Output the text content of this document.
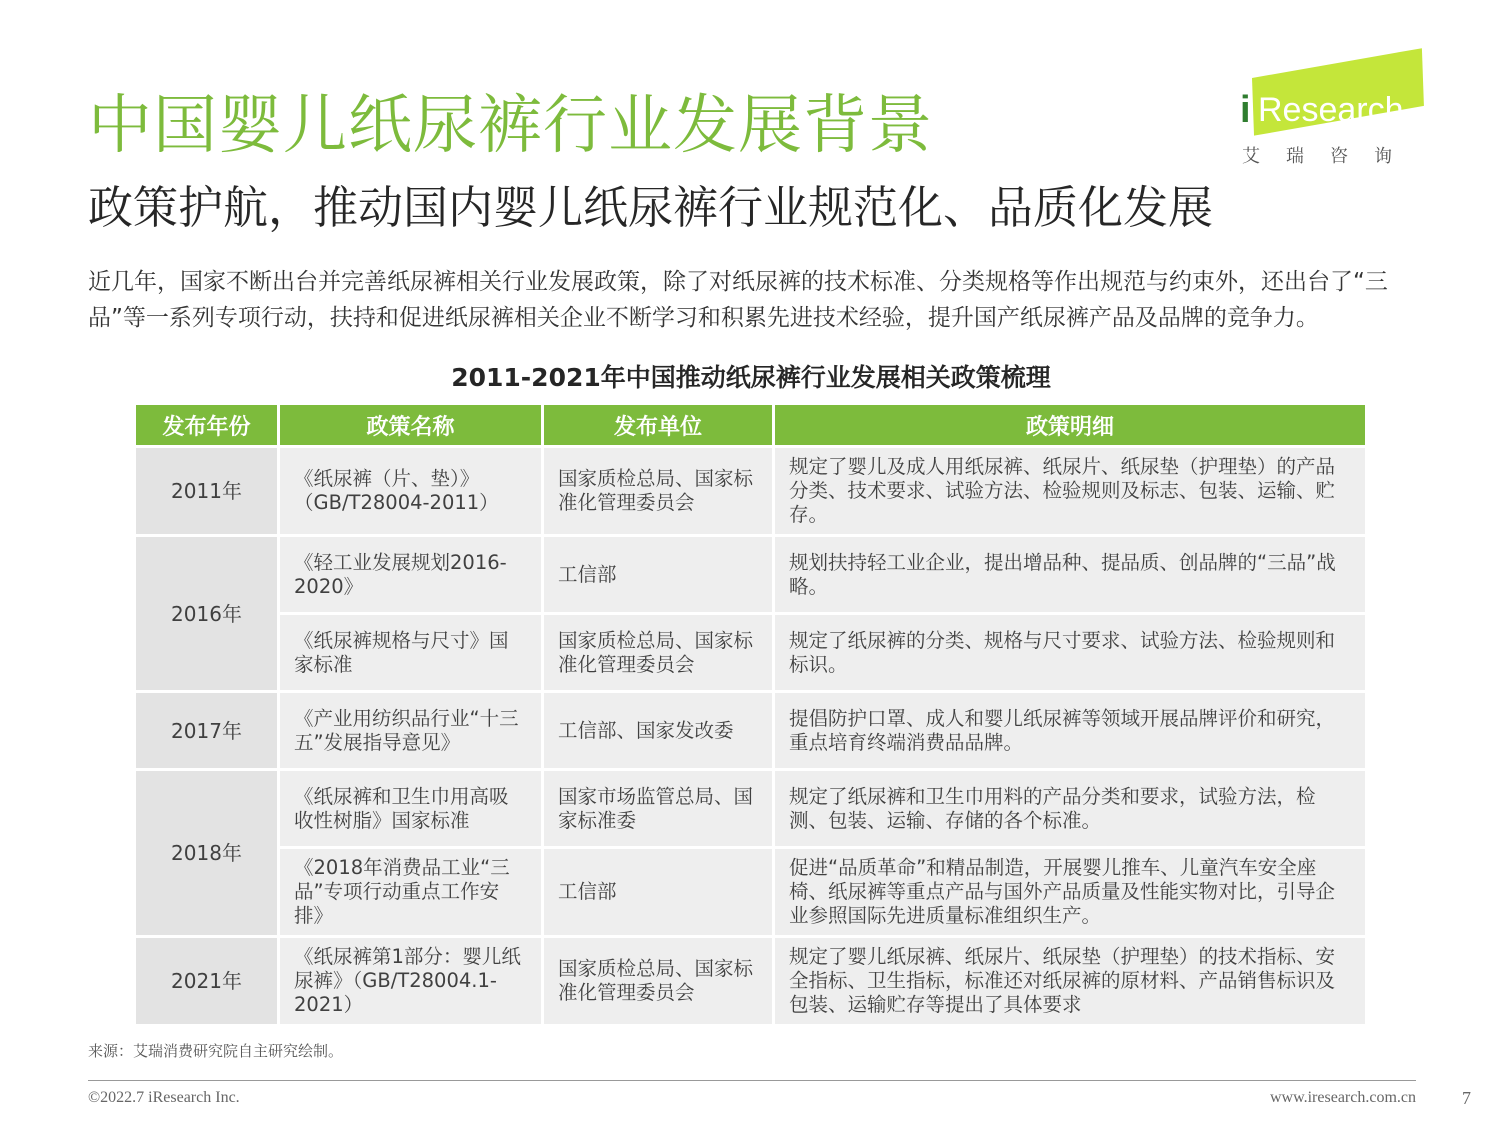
中国婴儿纸尿裤行业发展背景
政策护航，推动国内婴儿纸尿裤行业规范化、品质化发展
i Research
艾瑞咨询
近几年，国家不断出台并完善纸尿裤相关行业发展政策，除了对纸尿裤的技术标准、分类规格等作出规范与约束外，还出台了“三品”等一系列专项行动，扶持和促进纸尿裤相关企业不断学习和积累先进技术经验，提升国产纸尿裤产品及品牌的竞争力。
2011-2021年中国推动纸尿裤行业发展相关政策梳理
发布年份	政策名称	发布单位	政策明细
2011年	《纸尿裤（片、垫）》（GB/T28004-2011）	国家质检总局、国家标准化管理委员会	规定了婴儿及成人用纸尿裤、纸尿片、纸尿垫（护理垫）的产品分类、技术要求、试验方法、检验规则及标志、包装、运输、贮存。
2016年	《轻工业发展规划2016-2020》	工信部	规划扶持轻工业企业，提出增品种、提品质、创品牌的“三品”战略。
	《纸尿裤规格与尺寸》国家标准	国家质检总局、国家标准化管理委员会	规定了纸尿裤的分类、规格与尺寸要求、试验方法、检验规则和标识。
2017年	《产业用纺织品行业“十三五”发展指导意见》	工信部、国家发改委	提倡防护口罩、成人和婴儿纸尿裤等领域开展品牌评价和研究，重点培育终端消费品品牌。
2018年	《纸尿裤和卫生巾用高吸收性树脂》国家标准	国家市场监管总局、国家标准委	规定了纸尿裤和卫生巾用料的产品分类和要求，试验方法，检测、包装、运输、存储的各个标准。
	《2018年消费品工业“三品”专项行动重点工作安排》	工信部	促进“品质革命”和精品制造，开展婴儿推车、儿童汽车安全座椅、纸尿裤等重点产品与国外产品质量及性能实物对比，引导企业参照国际先进质量标准组织生产。
2021年	《纸尿裤第1部分：婴儿纸尿裤》（GB/T28004.1-2021）	国家质检总局、国家标准化管理委员会	规定了婴儿纸尿裤、纸尿片、纸尿垫（护理垫）的技术指标、安全指标、卫生指标，标准还对纸尿裤的原材料、产品销售标识及包装、运输贮存等提出了具体要求
来源：艾瑞消费研究院自主研究绘制。
©2022.7 iResearch Inc.	www.iresearch.com.cn	7
